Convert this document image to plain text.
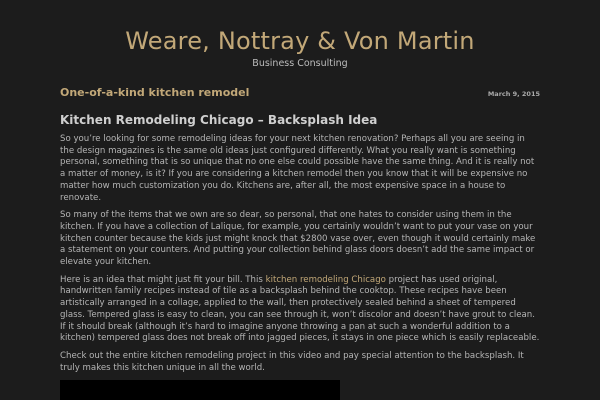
Weare, Nottray & Von Martin
Business Consulting
One-of-a-kind kitchen remodel	March 9, 2015
Kitchen Remodeling Chicago – Backsplash Idea

So you’re looking for some remodeling ideas for your next kitchen renovation? Perhaps all you are seeing in the design magazines is the same old ideas just configured differently. What you really want is something personal, something that is so unique that no one else could possible have the same thing. And it is really not a matter of money, is it? If you are considering a kitchen remodel then you know that it will be expensive no matter how much customization you do. Kitchens are, after all, the most expensive space in a house to renovate.

So many of the items that we own are so dear, so personal, that one hates to consider using them in the kitchen. If you have a collection of Lalique, for example, you certainly wouldn’t want to put your vase on your kitchen counter because the kids just might knock that $2800 vase over, even though it would certainly make a statement on your counters. And putting your collection behind glass doors doesn’t add the same impact or elevate your kitchen.

Here is an idea that might just fit your bill. This kitchen remodeling Chicago project has used original, handwritten family recipes instead of tile as a backsplash behind the cooktop. These recipes have been artistically arranged in a collage, applied to the wall, then protectively sealed behind a sheet of tempered glass. Tempered glass is easy to clean, you can see through it, won’t discolor and doesn’t have grout to clean. If it should break (although it’s hard to imagine anyone throwing a pan at such a wonderful addition to a kitchen) tempered glass does not break off into jagged pieces, it stays in one piece which is easily replaceable.

Check out the entire kitchen remodeling project in this video and pay special attention to the backsplash. It truly makes this kitchen unique in all the world.
